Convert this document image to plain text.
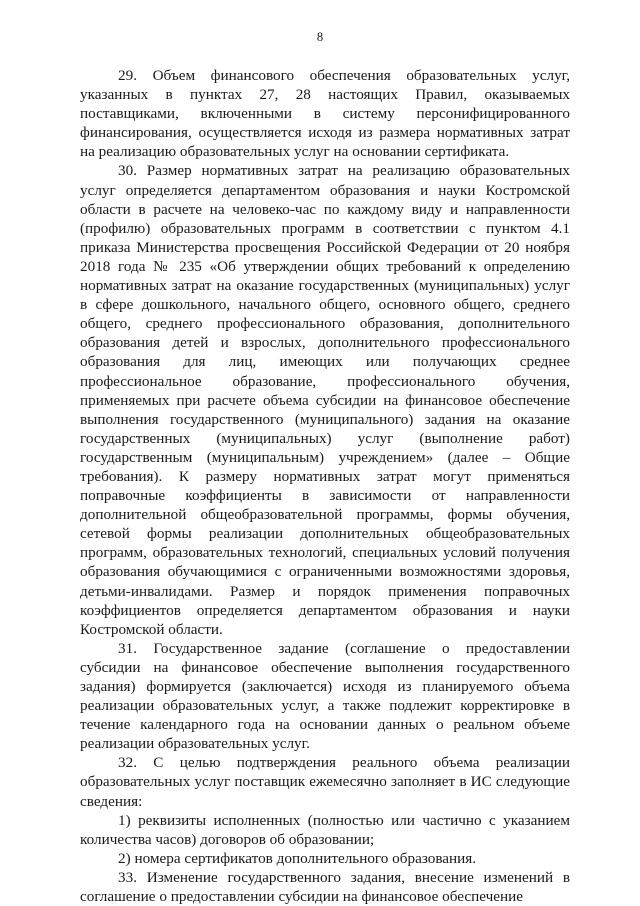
8

29. Объем финансового обеспечения образовательных услуг, указанных в пунктах 27, 28 настоящих Правил, оказываемых поставщиками, включенными в систему персонифицированного финансирования, осуществляется исходя из размера нормативных затрат на реализацию образовательных услуг на основании сертификата.

30. Размер нормативных затрат на реализацию образовательных услуг определяется департаментом образования и науки Костромской области в расчете на человеко-час по каждому виду и направленности (профилю) образовательных программ в соответствии с пунктом 4.1 приказа Министерства просвещения Российской Федерации от 20 ноября 2018 года № 235 «Об утверждении общих требований к определению нормативных затрат на оказание государственных (муниципальных) услуг в сфере дошкольного, начального общего, основного общего, среднего общего, среднего профессионального образования, дополнительного образования детей и взрослых, дополнительного профессионального образования для лиц, имеющих или получающих среднее профессиональное образование, профессионального обучения, применяемых при расчете объема субсидии на финансовое обеспечение выполнения государственного (муниципального) задания на оказание государственных (муниципальных) услуг (выполнение работ) государственным (муниципальным) учреждением» (далее – Общие требования). К размеру нормативных затрат могут применяться поправочные коэффициенты в зависимости от направленности дополнительной общеобразовательной программы, формы обучения, сетевой формы реализации дополнительных общеобразовательных программ, образовательных технологий, специальных условий получения образования обучающимися с ограниченными возможностями здоровья, детьми-инвалидами. Размер и порядок применения поправочных коэффициентов определяется департаментом образования и науки Костромской области.

31. Государственное задание (соглашение о предоставлении субсидии на финансовое обеспечение выполнения государственного задания) формируется (заключается) исходя из планируемого объема реализации образовательных услуг, а также подлежит корректировке в течение календарного года на основании данных о реальном объеме реализации образовательных услуг.

32. С целью подтверждения реального объема реализации образовательных услуг поставщик ежемесячно заполняет в ИС следующие сведения:

1) реквизиты исполненных (полностью или частично с указанием количества часов) договоров об образовании;

2) номера сертификатов дополнительного образования.

33. Изменение государственного задания, внесение изменений в соглашение о предоставлении субсидии на финансовое обеспечение
